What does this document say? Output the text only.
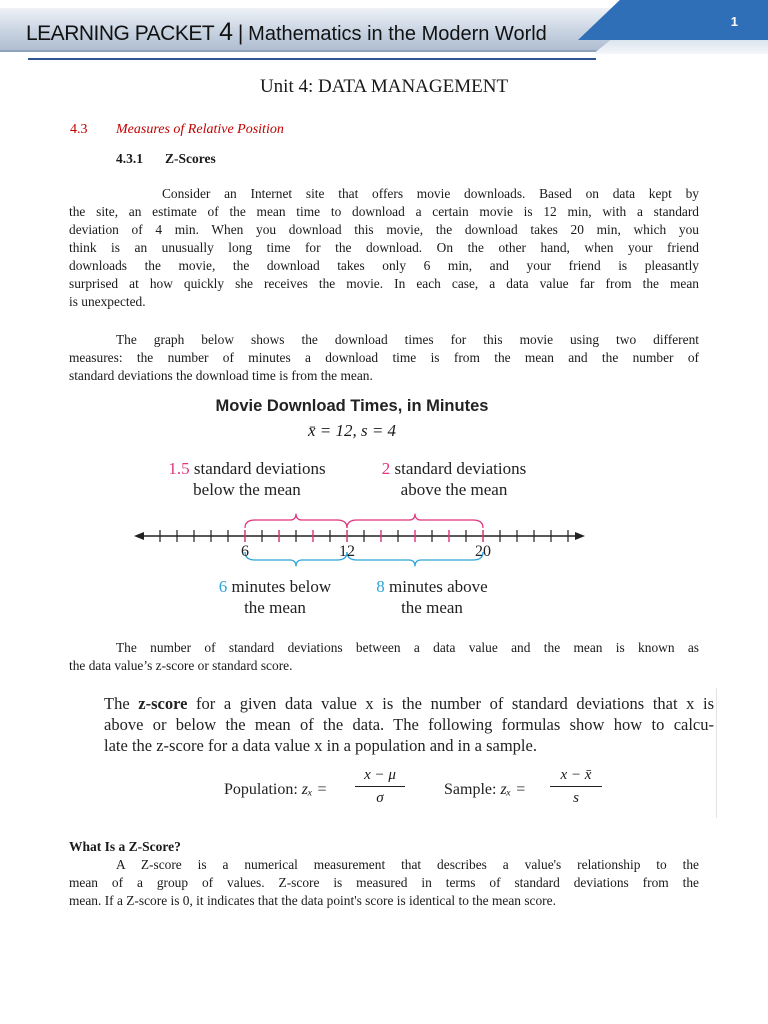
LEARNING PACKET 4 | Mathematics in the Modern World
1
Unit 4: DATA MANAGEMENT
4.3 Measures of Relative Position
4.3.1 Z-Scores
Consider an Internet site that offers movie downloads. Based on data kept by
the site, an estimate of the mean time to download a certain movie is 12 min, with a standard
deviation of 4 min. When you download this movie, the download takes 20 min, which you
think is an unusually long time for the download. On the other hand, when your friend
downloads the movie, the download takes only 6 min, and your friend is pleasantly
surprised at how quickly she receives the movie. In each case, a data value far from the mean
is unexpected.
The graph below shows the download times for this movie using two different
measures: the number of minutes a download time is from the mean and the number of
standard deviations the download time is from the mean.
Movie Download Times, in Minutes
x̄ = 12, s = 4
1.5 standard deviations
below the mean
2 standard deviations
above the mean
6	12	20
6 minutes below
the mean
8 minutes above
the mean
The number of standard deviations between a data value and the mean is known as
the data value’s z-score or standard score.
The z-score for a given data value x is the number of standard deviations that x is
above or below the mean of the data. The following formulas show how to calcu-
late the z-score for a data value x in a population and in a sample.
Population: $z_x = \frac{x - \mu}{\sigma}$ Sample: $z_x = \frac{x - x̄}{s}$
What Is a Z-Score?
A Z-score is a numerical measurement that describes a value's relationship to the
mean of a group of values. Z-score is measured in terms of standard deviations from the
mean. If a Z-score is 0, it indicates that the data point's score is identical to the mean score.
